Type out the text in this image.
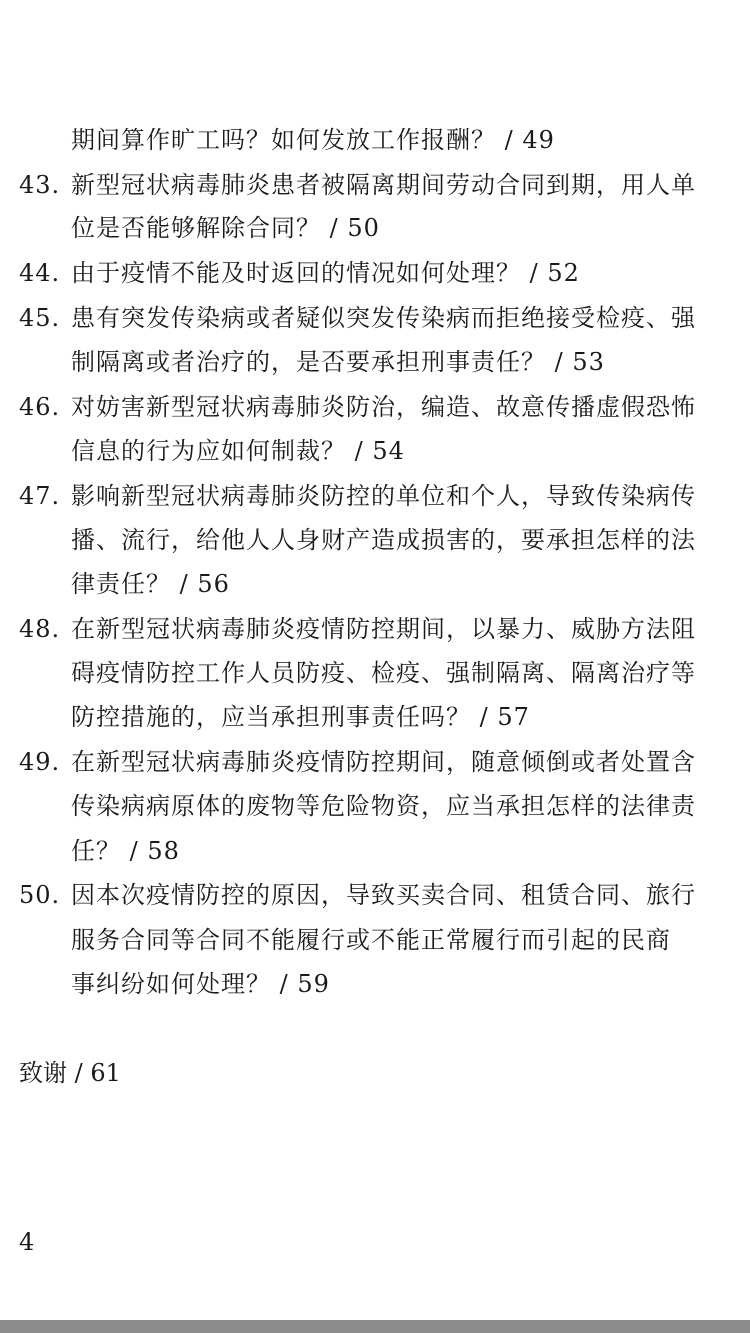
期间算作旷工吗？如何发放工作报酬？ / 49
43. 新型冠状病毒肺炎患者被隔离期间劳动合同到期，用人单
位是否能够解除合同？ / 50
44. 由于疫情不能及时返回的情况如何处理？ / 52
45. 患有突发传染病或者疑似突发传染病而拒绝接受检疫、强
制隔离或者治疗的，是否要承担刑事责任？ / 53
46. 对妨害新型冠状病毒肺炎防治，编造、故意传播虚假恐怖
信息的行为应如何制裁？ / 54
47. 影响新型冠状病毒肺炎防控的单位和个人，导致传染病传
播、流行，给他人人身财产造成损害的，要承担怎样的法
律责任？ / 56
48. 在新型冠状病毒肺炎疫情防控期间，以暴力、威胁方法阻
碍疫情防控工作人员防疫、检疫、强制隔离、隔离治疗等
防控措施的，应当承担刑事责任吗？ / 57
49. 在新型冠状病毒肺炎疫情防控期间，随意倾倒或者处置含
传染病病原体的废物等危险物资，应当承担怎样的法律责
任？ / 58
50. 因本次疫情防控的原因，导致买卖合同、租赁合同、旅行
服务合同等合同不能履行或不能正常履行而引起的民商
事纠纷如何处理？ / 59
致谢 / 61
4
